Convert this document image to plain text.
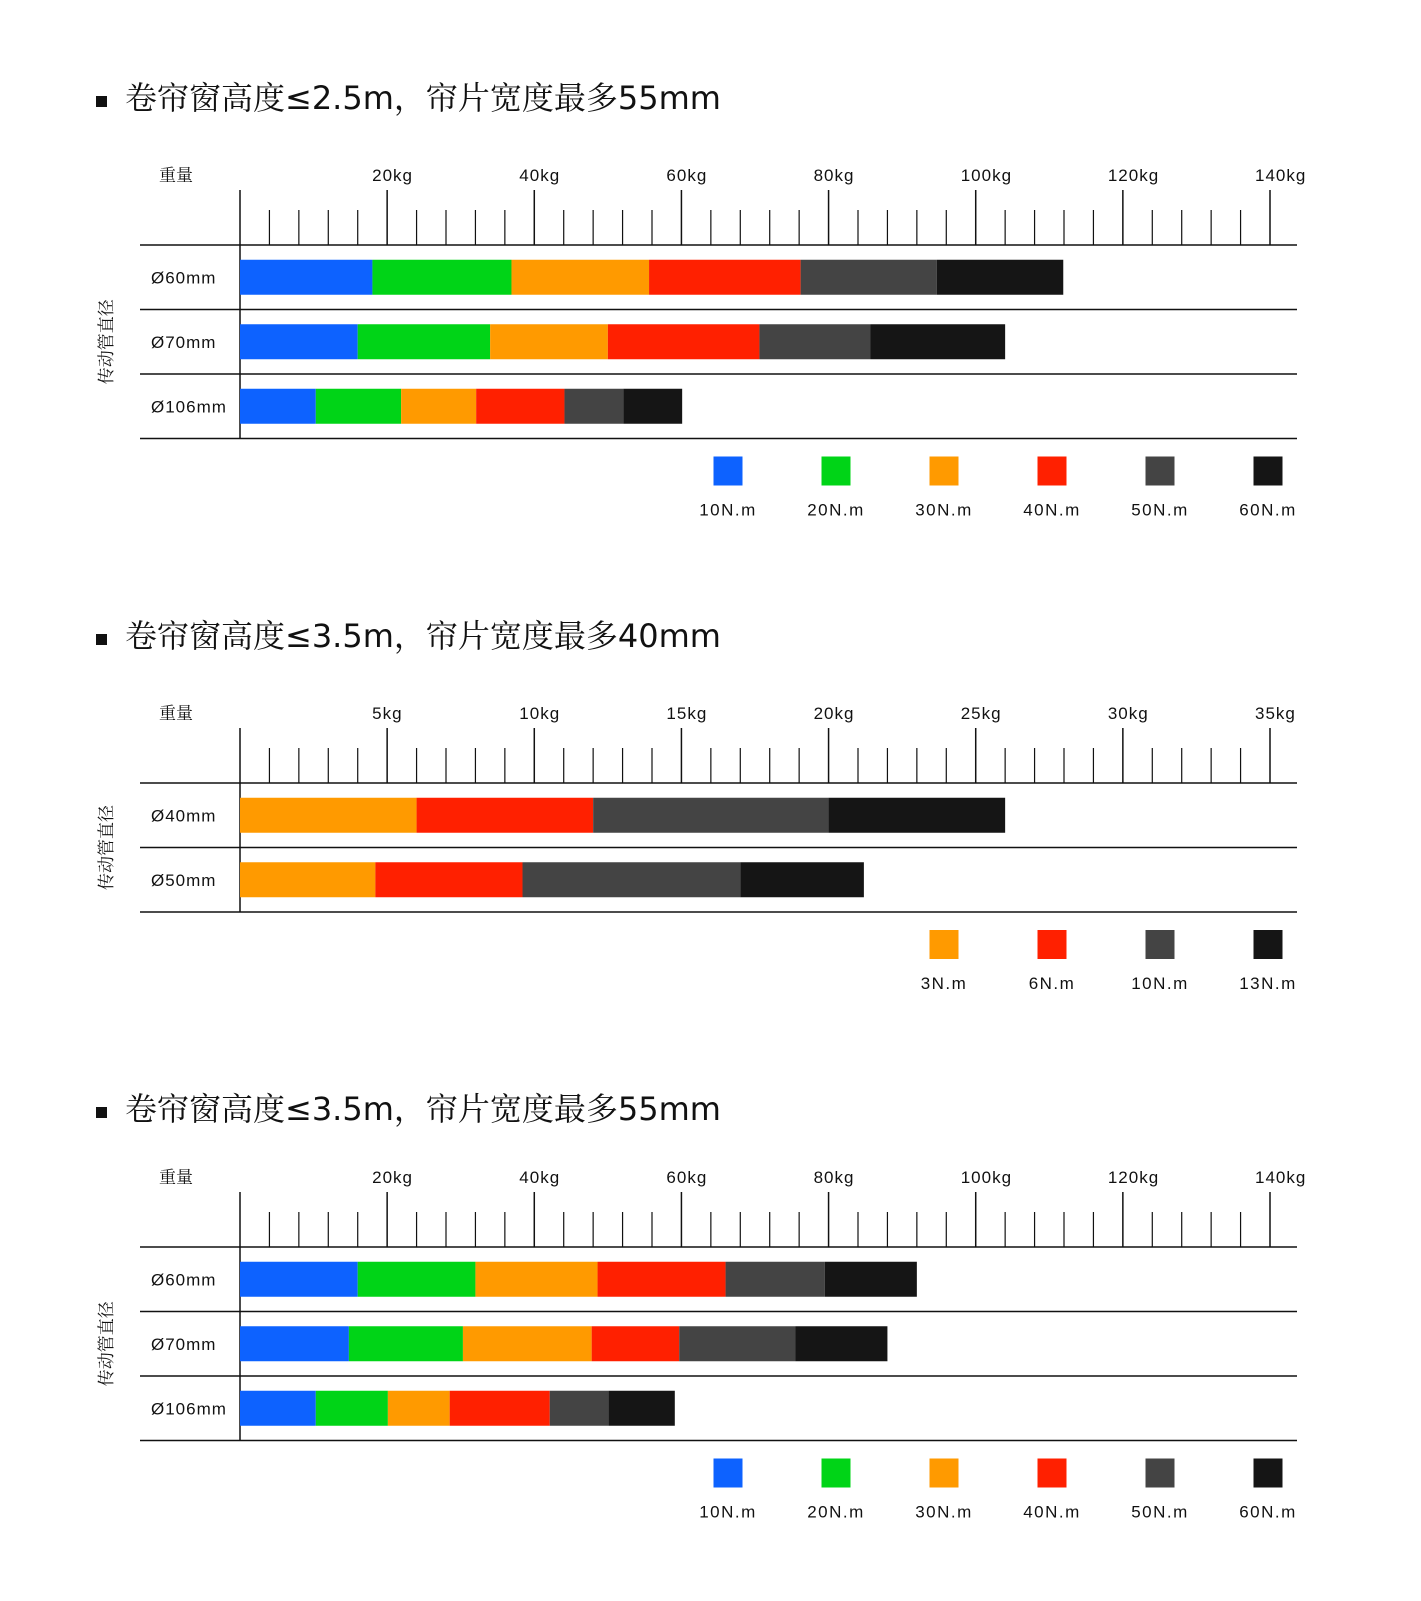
卷帘窗高度≤2.5m，帘片宽度最多55mm
重量	20kg	40kg	60kg	80kg	100kg	120kg	140kg
传动管直径
Ø60mm
Ø70mm
Ø106mm
10N.m	20N.m	30N.m	40N.m	50N.m	60N.m
卷帘窗高度≤3.5m，帘片宽度最多40mm
重量	5kg	10kg	15kg	20kg	25kg	30kg	35kg
传动管直径 Ø40mm
Ø50mm
3N.m	6N.m	10N.m	13N.m
卷帘窗高度≤3.5m，帘片宽度最多55mm
重量	20kg	40kg	60kg	80kg	100kg	120kg	140kg
传动管直径
Ø60mm
Ø70mm
Ø106mm
10N.m	20N.m	30N.m	40N.m	50N.m	60N.m
